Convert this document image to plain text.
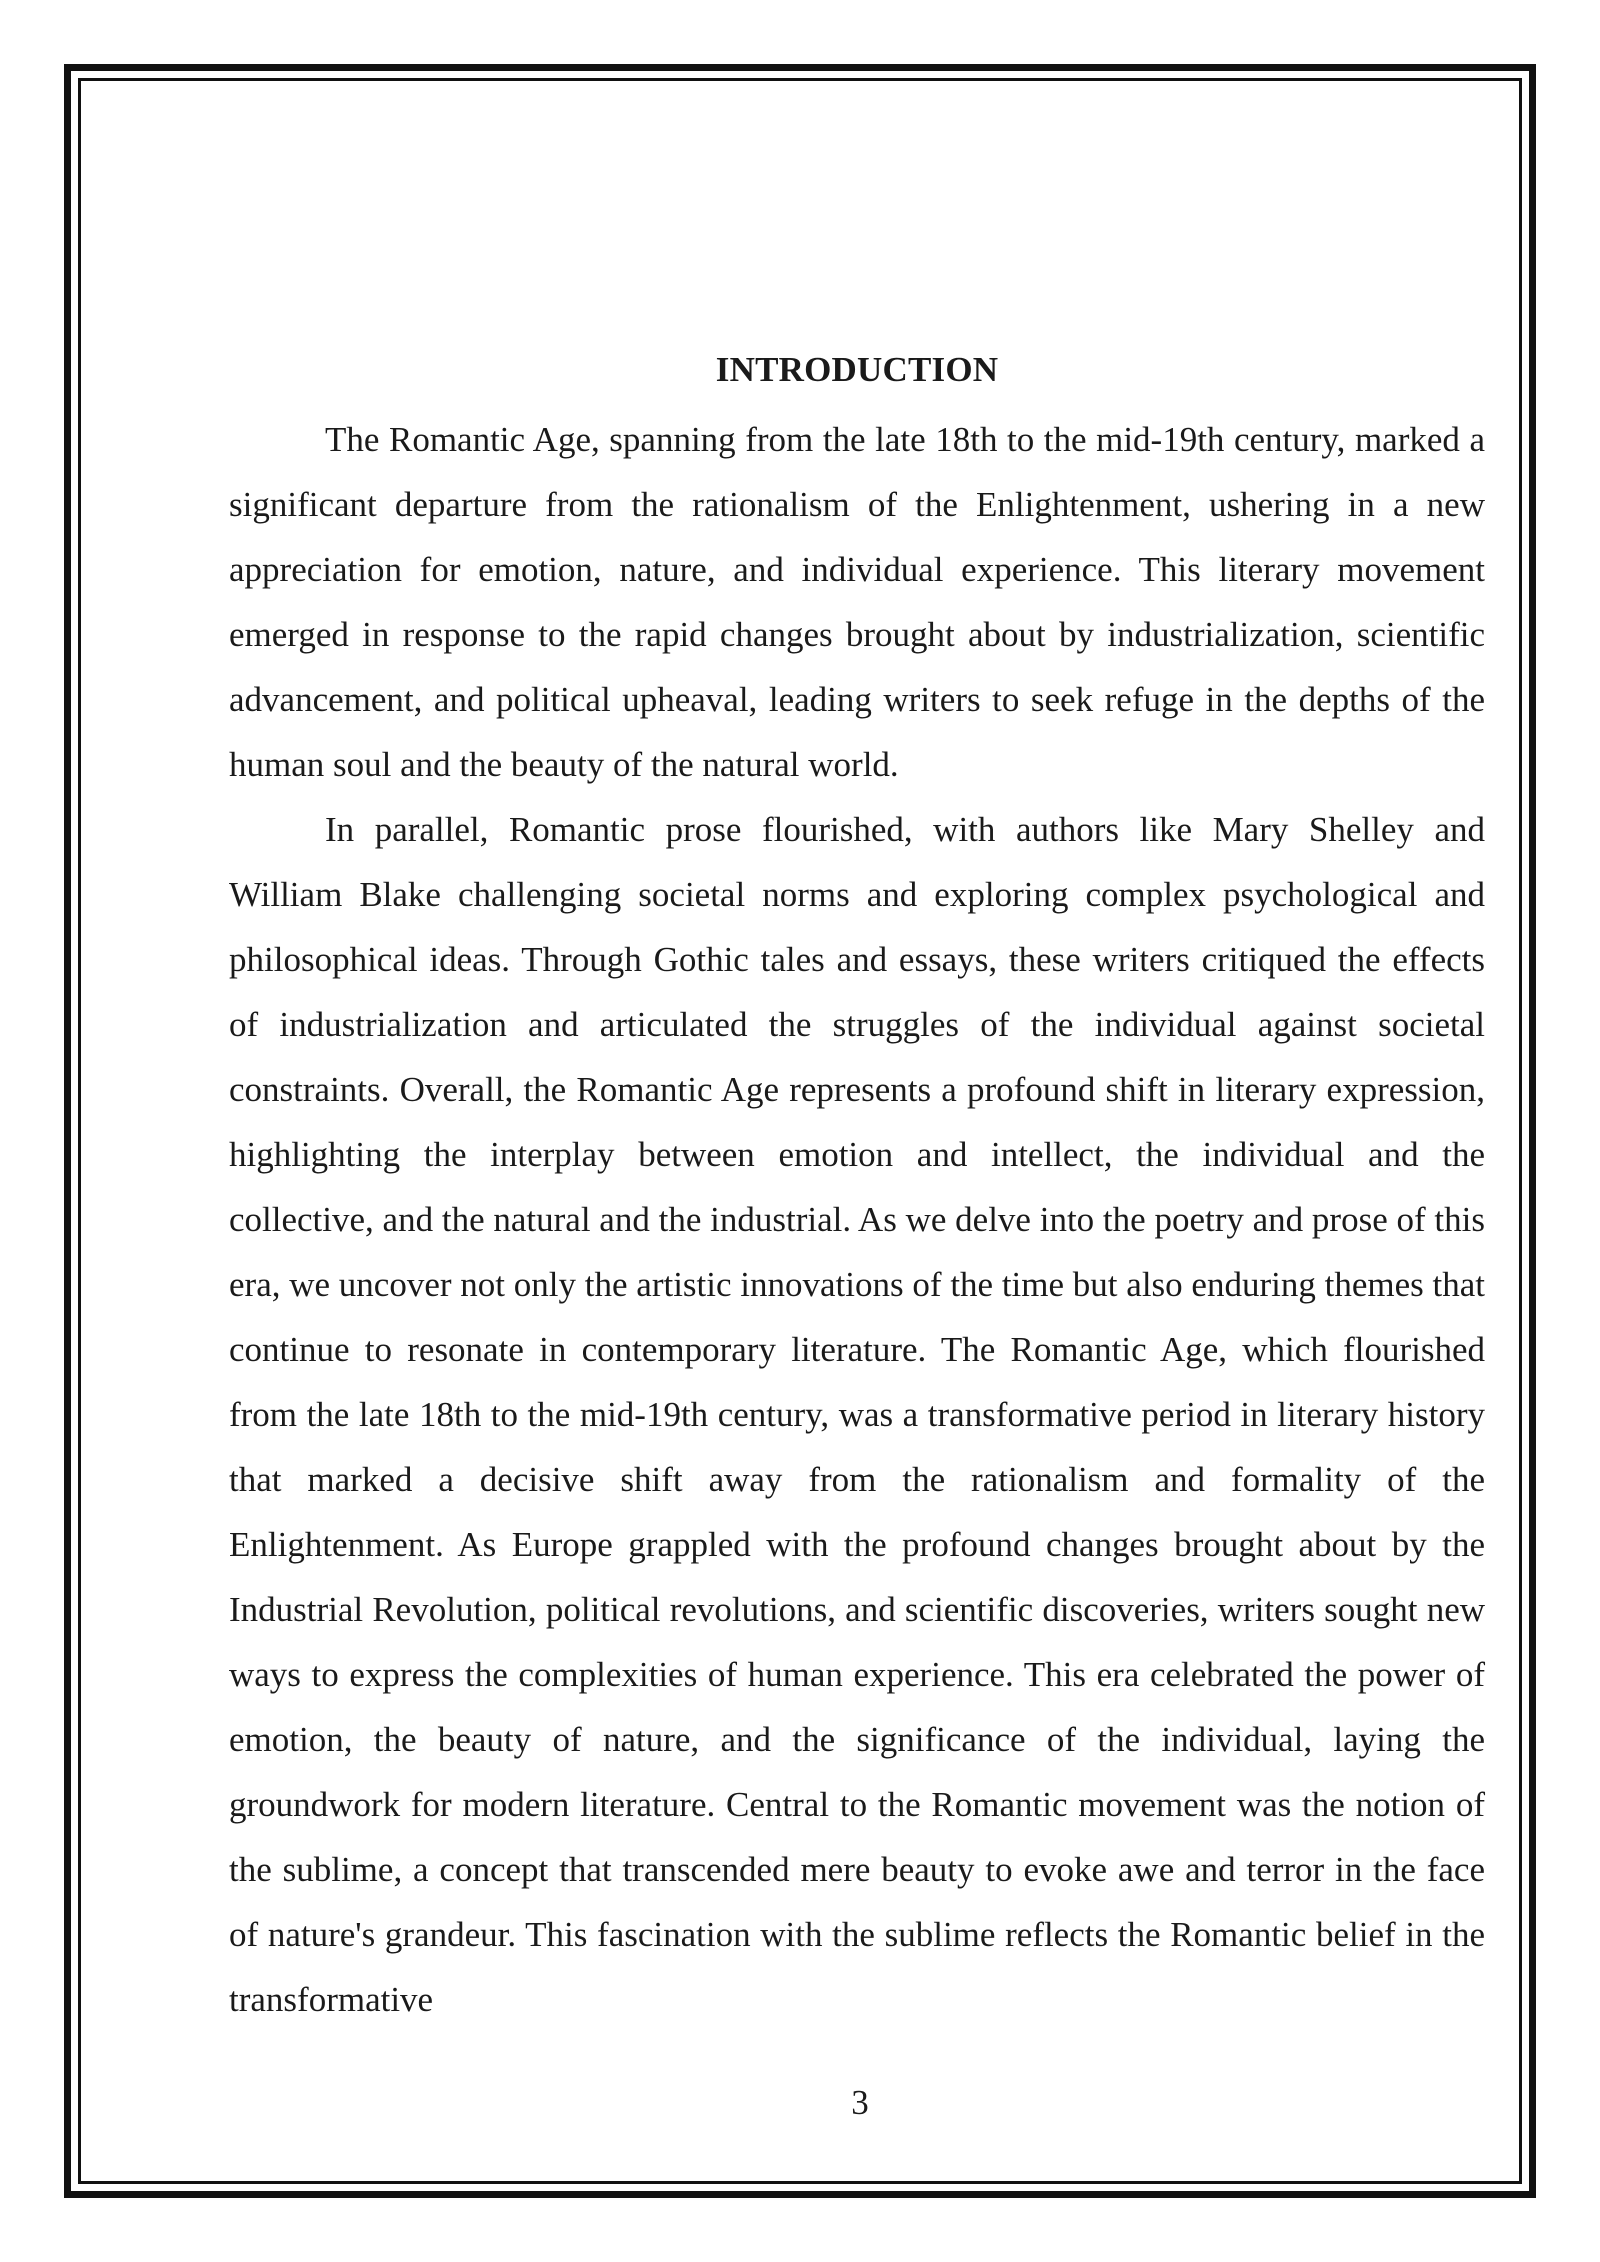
INTRODUCTION

The Romantic Age, spanning from the late 18th to the mid-19th century, marked a significant departure from the rationalism of the Enlightenment, ushering in a new appreciation for emotion, nature, and individual experience. This literary movement emerged in response to the rapid changes brought about by industrialization, scientific advancement, and political upheaval, leading writers to seek refuge in the depths of the human soul and the beauty of the natural world.

In parallel, Romantic prose flourished, with authors like Mary Shelley and William Blake challenging societal norms and exploring complex psychological and philosophical ideas. Through Gothic tales and essays, these writers critiqued the effects of industrialization and articulated the struggles of the individual against societal constraints. Overall, the Romantic Age represents a profound shift in literary expression, highlighting the interplay between emotion and intellect, the individual and the collective, and the natural and the industrial. As we delve into the poetry and prose of this era, we uncover not only the artistic innovations of the time but also enduring themes that continue to resonate in contemporary literature. The Romantic Age, which flourished from the late 18th to the mid-19th century, was a transformative period in literary history that marked a decisive shift away from the rationalism and formality of the Enlightenment. As Europe grappled with the profound changes brought about by the Industrial Revolution, political revolutions, and scientific discoveries, writers sought new ways to express the complexities of human experience. This era celebrated the power of emotion, the beauty of nature, and the significance of the individual, laying the groundwork for modern literature. Central to the Romantic movement was the notion of the sublime, a concept that transcended mere beauty to evoke awe and terror in the face of nature's grandeur. This fascination with the sublime reflects the Romantic belief in the transformative

3
